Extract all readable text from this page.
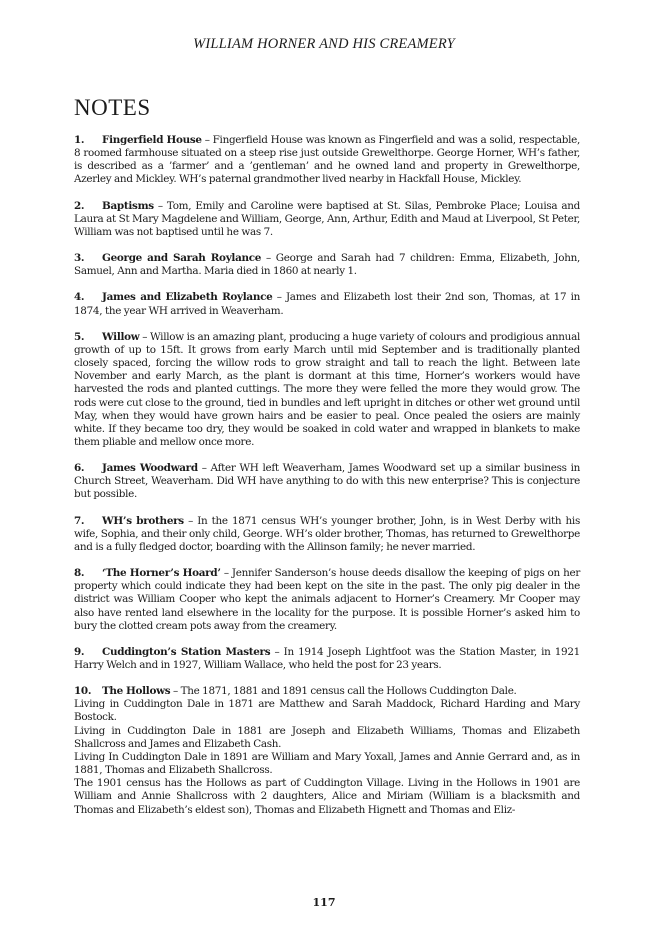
WILLIAM HORNER AND HIS CREAMERY

NOTES
1. Fingerfield House – Fingerfield House was known as Fingerfield and was a solid, respectable, 8 roomed farmhouse situated on a steep rise just outside Grewelthorpe. George Horner, WH’s father, is described as a ’farmer’ and a ’gentleman’ and he owned land and property in Grewelthorpe, Azerley and Mickley. WH’s paternal grandmother lived nearby in Hackfall House, Mickley.
2. Baptisms – Tom, Emily and Caroline were baptised at St. Silas, Pembroke Place; Louisa and Laura at St Mary Magdelene and William, George, Ann, Arthur, Edith and Maud at Liverpool, St Peter, William was not baptised until he was 7.
3. George and Sarah Roylance – George and Sarah had 7 children: Emma, Elizabeth, John, Samuel, Ann and Martha. Maria died in 1860 at nearly 1.
4. James and Elizabeth Roylance – James and Elizabeth lost their 2nd son, Thomas, at 17 in 1874, the year WH arrived in Weaverham.
5. Willow – Willow is an amazing plant, producing a huge variety of colours and prodigious annual growth of up to 15ft. It grows from early March until mid September and is traditionally planted closely spaced, forcing the willow rods to grow straight and tall to reach the light. Between late November and early March, as the plant is dormant at this time, Horner’s workers would have harvested the rods and planted cuttings. The more they were felled the more they would grow. The rods were cut close to the ground, tied in bundles and left upright in ditches or other wet ground until May, when they would have grown hairs and be easier to peal. Once pealed the osiers are mainly white. If they became too dry, they would be soaked in cold water and wrapped in blankets to make them pliable and mellow once more.
6. James Woodward – After WH left Weaverham, James Woodward set up a similar business in Church Street, Weaverham. Did WH have anything to do with this new enterprise? This is conjecture but possible.
7. WH’s brothers – In the 1871 census WH’s younger brother, John, is in West Derby with his wife, Sophia, and their only child, George. WH’s older brother, Thomas, has returned to Grewelthorpe and is a fully fledged doctor, boarding with the Allinson family; he never married.
8. ‘The Horner’s Hoard’ – Jennifer Sanderson’s house deeds disallow the keeping of pigs on her property which could indicate they had been kept on the site in the past. The only pig dealer in the district was William Cooper who kept the animals adjacent to Horner’s Creamery. Mr Cooper may also have rented land elsewhere in the locality for the purpose. It is possible Horner’s asked him to bury the clotted cream pots away from the creamery.
9. Cuddington’s Station Masters – In 1914 Joseph Lightfoot was the Station Master, in 1921 Harry Welch and in 1927, William Wallace, who held the post for 23 years.
10. The Hollows – The 1871, 1881 and 1891 census call the Hollows Cuddington Dale.

Living in Cuddington Dale in 1871 are Matthew and Sarah Maddock, Richard Harding and Mary Bostock.

Living in Cuddington Dale in 1881 are Joseph and Elizabeth Williams, Thomas and Elizabeth Shallcross and James and Elizabeth Cash.

Living In Cuddington Dale in 1891 are William and Mary Yoxall, James and Annie Gerrard and, as in 1881, Thomas and Elizabeth Shallcross.

The 1901 census has the Hollows as part of Cuddington Village. Living in the Hollows in 1901 are William and Annie Shallcross with 2 daughters, Alice and Miriam (William is a blacksmith and Thomas and Elizabeth’s eldest son), Thomas and Elizabeth Hignett and Thomas and Eliz-

117
